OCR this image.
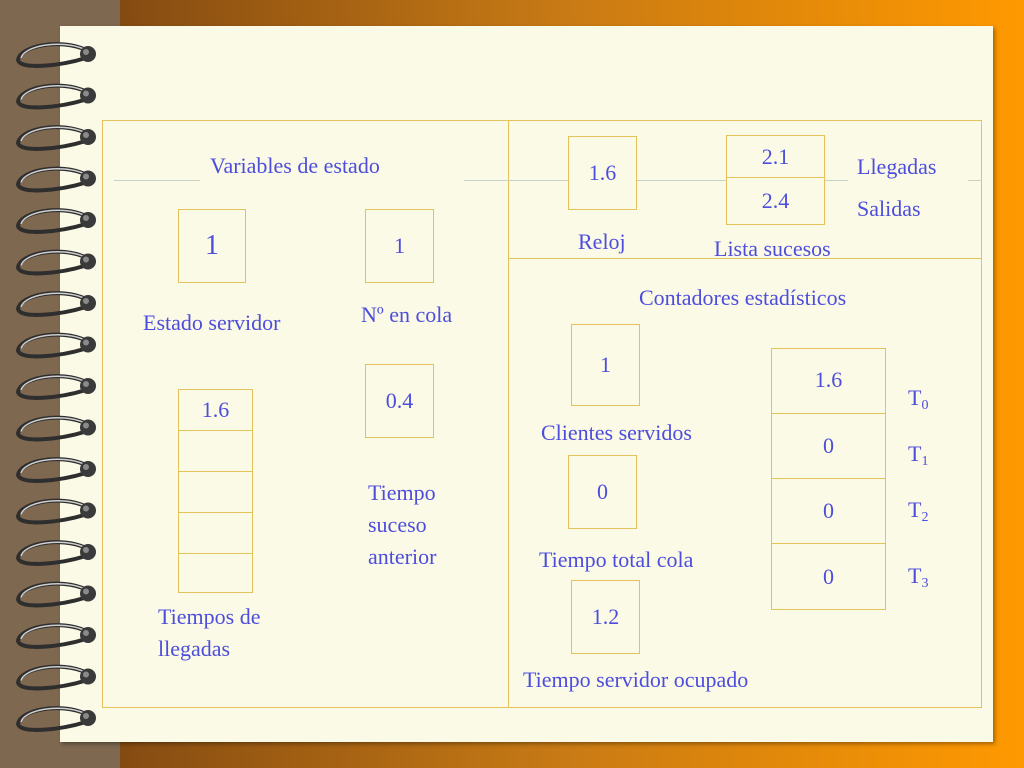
Variables de estado
1
Estado servidor
1
Nº en cola
1.6
Tiempos de
llegadas
0.4
Tiempo
suceso
anterior
1.6
Reloj
2.1
2.4
Llegadas
Salidas
Lista sucesos
Contadores estadísticos
1
Clientes servidos
0
Tiempo total cola
1.2
Tiempo servidor ocupado
1.6
0
0
0
$T_0$
$T_1$
$T_2$
$T_3$
